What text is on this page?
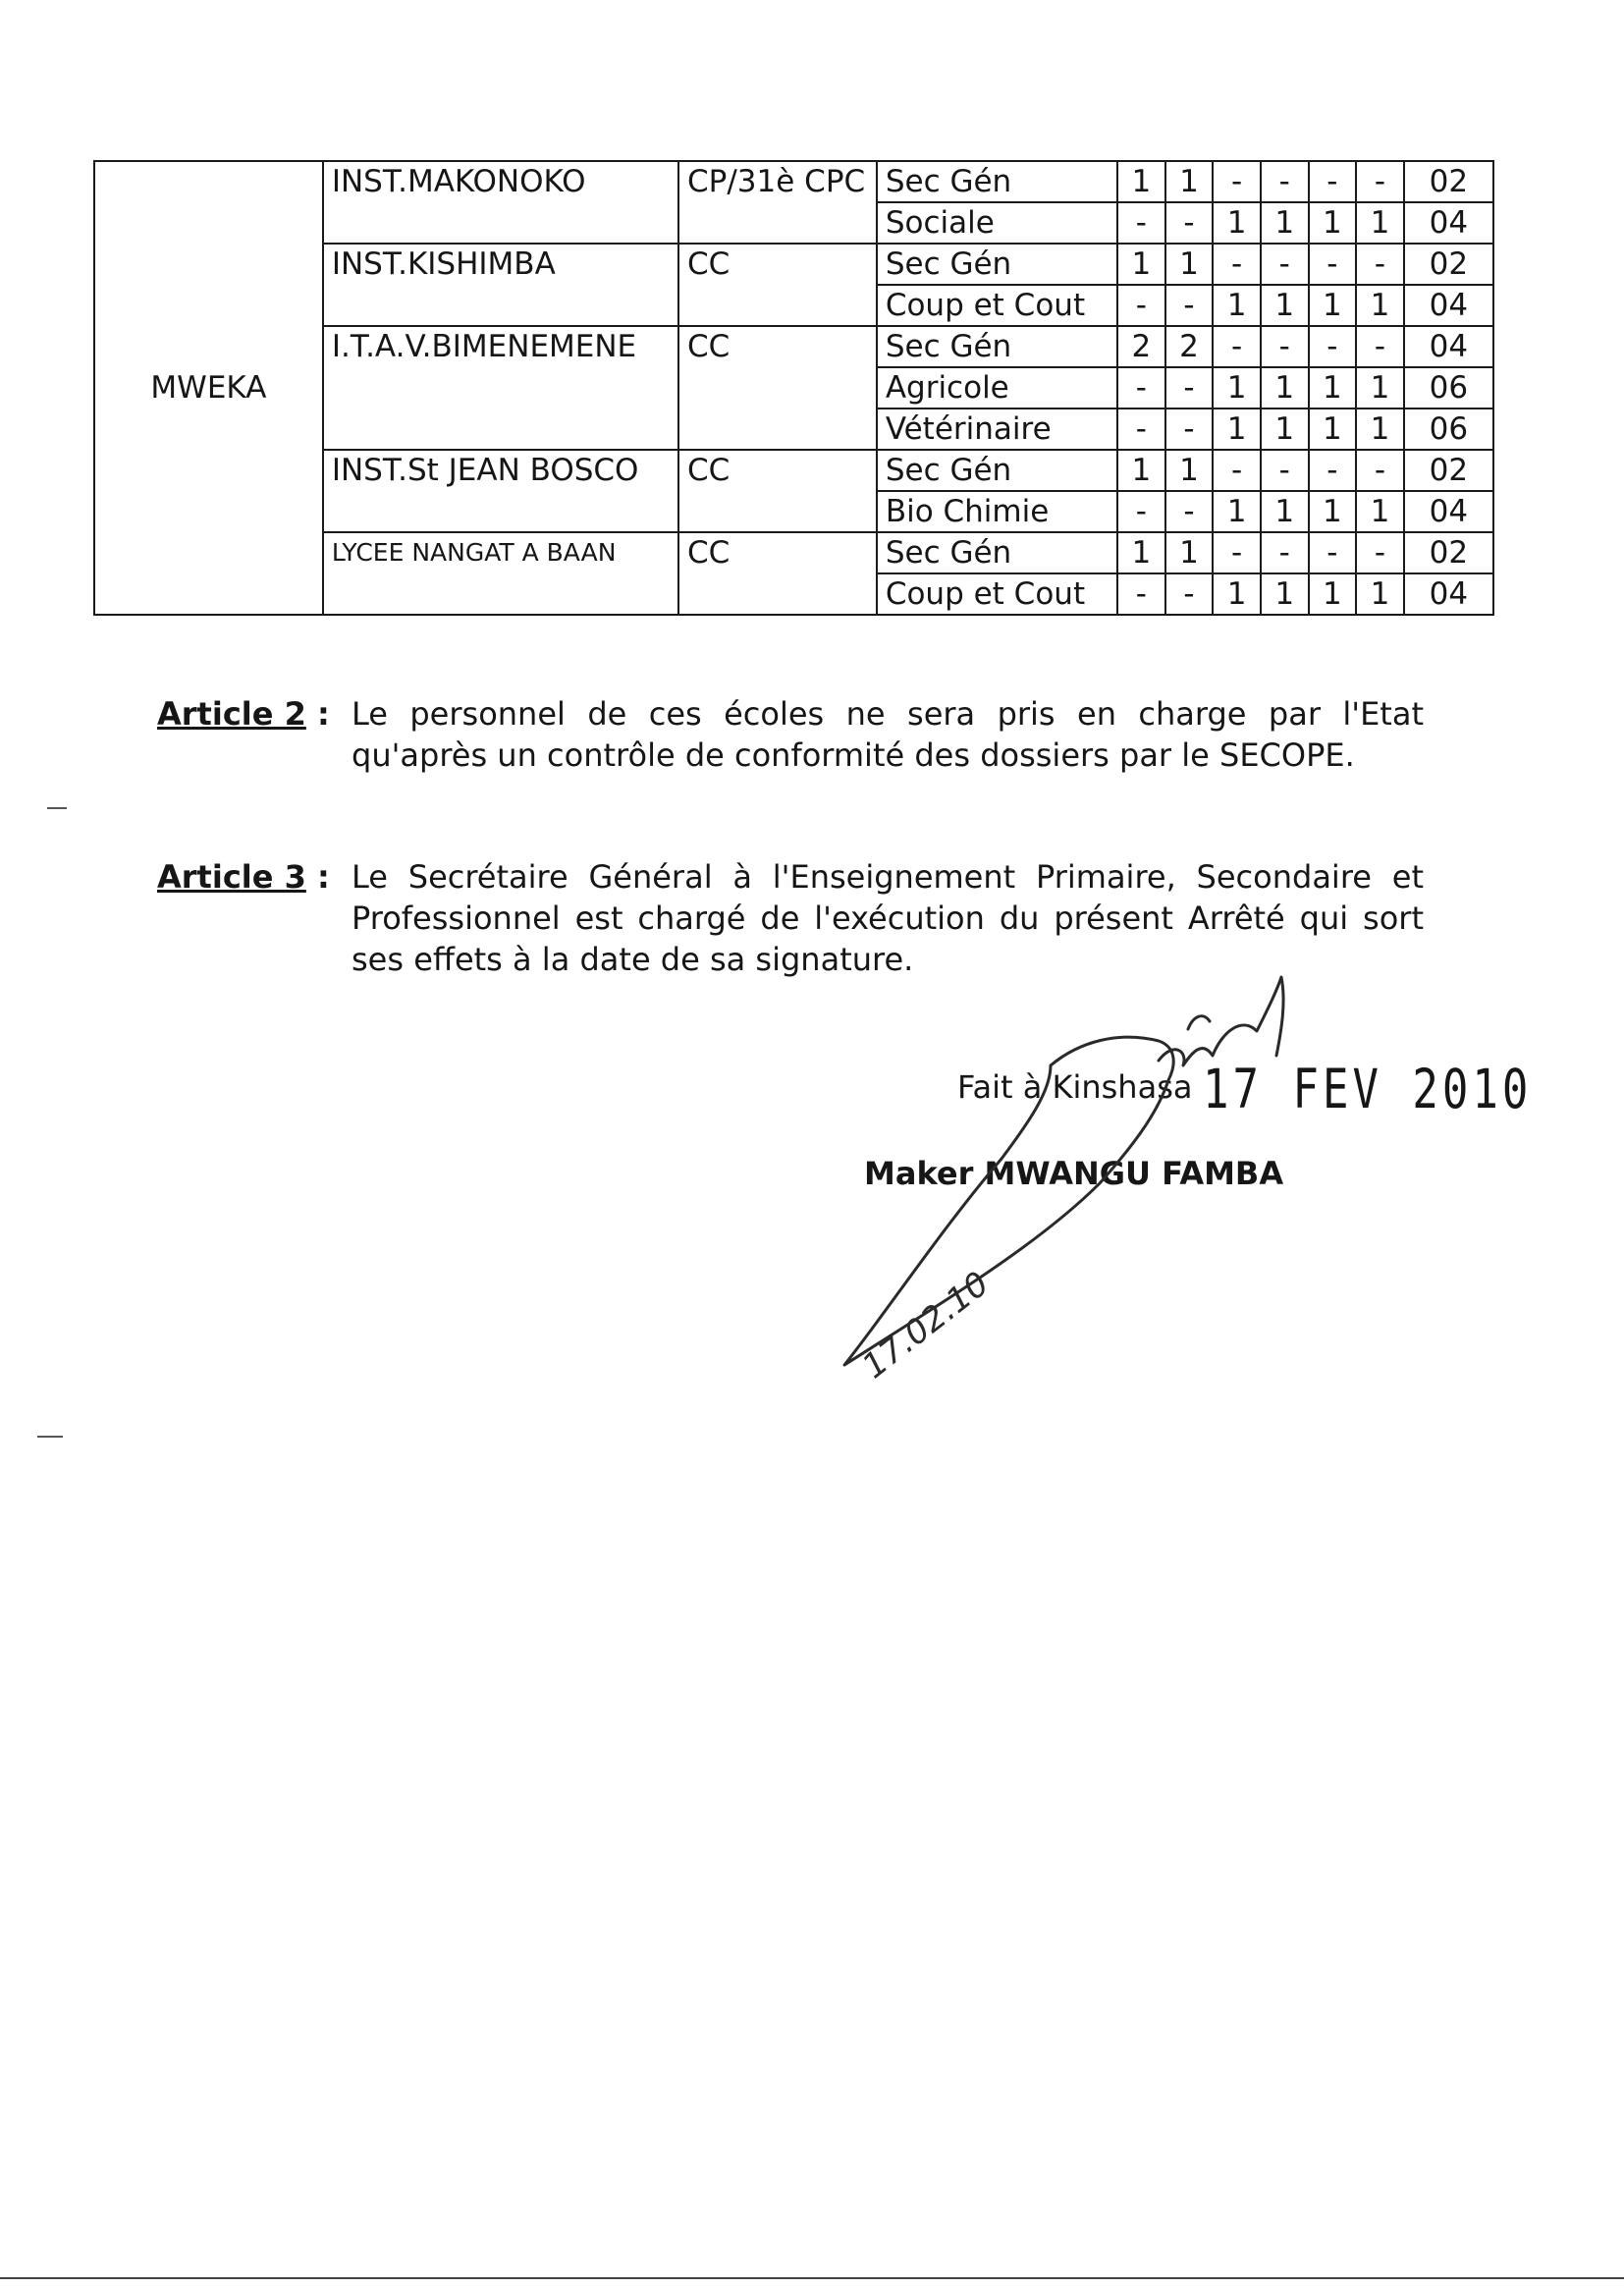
MWEKA	INST.MAKONOKO	CP/31è CPC	Sec Gén	1	1	-	-	-	-	02
			Sociale	-	-	1	1	1	1	04
	INST.KISHIMBA	CC	Sec Gén	1	1	-	-	-	-	02
			Coup et Cout	-	-	1	1	1	1	04
	I.T.A.V.BIMENEMENE	CC	Sec Gén	2	2	-	-	-	-	04
			Agricole	-	-	1	1	1	1	06
			Vétérinaire	-	-	1	1	1	1	06
	INST.St JEAN BOSCO	CC	Sec Gén	1	1	-	-	-	-	02
			Bio Chimie	-	-	1	1	1	1	04
	LYCEE NANGAT A BAAN	CC	Sec Gén	1	1	-	-	-	-	02
			Coup et Cout	-	-	1	1	1	1	04
Article 2 : Le personnel de ces écoles ne sera pris en charge par l'Etat qu'après un contrôle de conformité des dossiers par le SECOPE.
Article 3 : Le Secrétaire Général à l'Enseignement Primaire, Secondaire et Professionnel est chargé de l'exécution du présent Arrêté qui sort ses effets à la date de sa signature.
Fait à Kinshasa 17 FEV 2010
Maker MWANGU FAMBA
17.02.10
